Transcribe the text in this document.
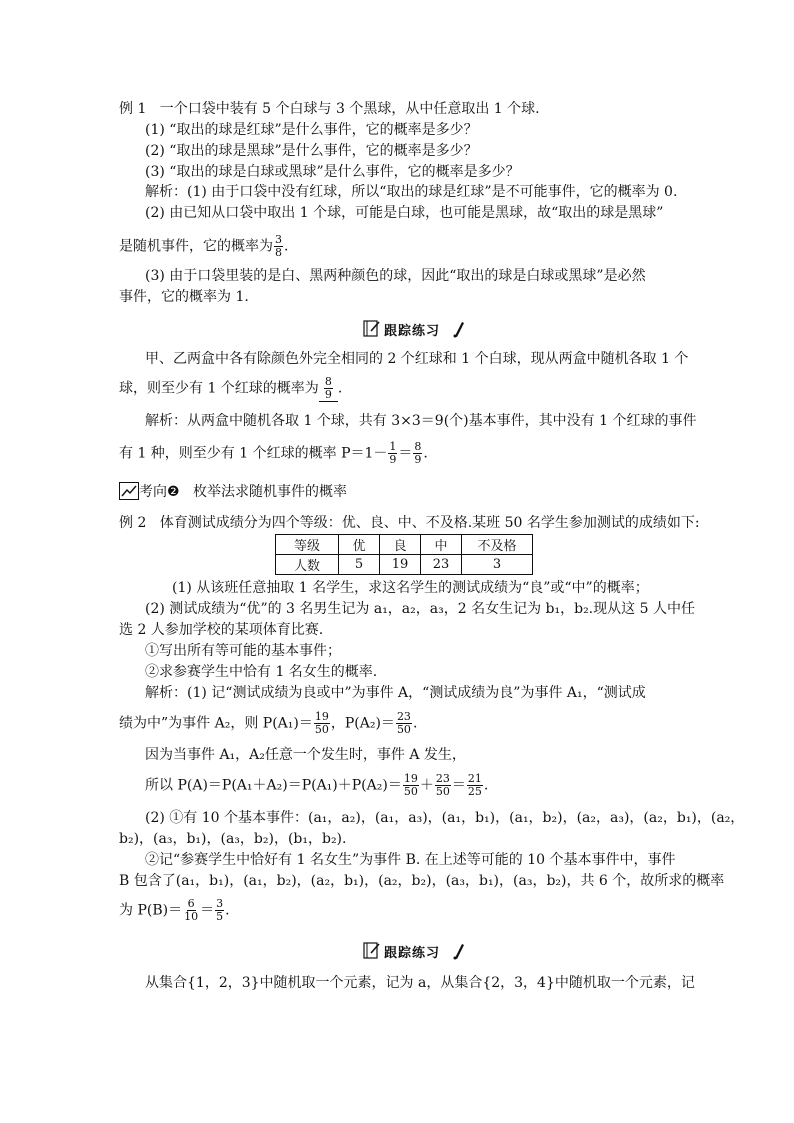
例 1 一个口袋中装有 5 个白球与 3 个黑球，从中任意取出 1 个球.
(1) “取出的球是红球”是什么事件，它的概率是多少？
(2) “取出的球是黑球”是什么事件，它的概率是多少？
(3) “取出的球是白球或黑球”是什么事件，它的概率是多少？
解析：(1) 由于口袋中没有红球，所以“取出的球是红球”是不可能事件，它的概率为 0.
(2) 由已知从口袋中取出 1 个球，可能是白球，也可能是黑球，故“取出的球是黑球”
是随机事件，它的概率为 $\frac{3}{8}$ .
(3) 由于口袋里装的是白、黑两种颜色的球，因此“取出的球是白球或黑球”是必然
事件，它的概率为 1.
跟踪练习
甲、乙两盒中各有除颜色外完全相同的 2 个红球和 1 个白球，现从两盒中随机各取 1 个
球，则至少有 1 个红球的概率为 $\frac{8}{9}$ .
解析：从两盒中随机各取 1 个球，共有 3×3＝9(个)基本事件，其中没有 1 个红球的事件
有 1 种，则至少有 1 个红球的概率 $P=1- \frac{1}{9} = \frac{8}{9}$ .
考向❷ 枚举法求随机事件的概率
例 2 体育测试成绩分为四个等级：优、良、中、不及格.某班 50 名学生参加测试的成绩如下:
等级	优	良	中	不及格
人数	5	19	23	3
(1) 从该班任意抽取 1 名学生，求这名学生的测试成绩为“良”或“中”的概率；
(2) 测试成绩为“优”的 3 名男生记为 a₁，a₂，a₃，2 名女生记为 b₁，b₂.现从这 5 人中任
选 2 人参加学校的某项体育比赛.
①写出所有等可能的基本事件；
②求参赛学生中恰有 1 名女生的概率.
解析：(1) 记“测试成绩为良或中”为事件 A，“测试成绩为良”为事件 A₁，“测试成
绩为中”为事件 A₂，则 $P(A_1)= \frac{19}{50}$ ，$P(A_2)= \frac{23}{50}$ .
因为当事件 A₁，A₂任意一个发生时，事件 A 发生，
所以 $P(A)=P(A_1+A_2)=P(A_1)+P(A_2)= \frac{19}{50} + \frac{23}{50} = \frac{21}{25}$ .
(2) ①有 10 个基本事件：(a₁，a₂)，(a₁，a₃)，(a₁，b₁)，(a₁，b₂)，(a₂，a₃)，(a₂，b₁)，(a₂，
b₂)，(a₃，b₁)，(a₃，b₂)，(b₁，b₂).
②记“参赛学生中恰好有 1 名女生”为事件 B. 在上述等可能的 10 个基本事件中，事件
B 包含了(a₁，b₁)，(a₁，b₂)，(a₂，b₁)，(a₂，b₂)，(a₃，b₁)，(a₃，b₂)，共 6 个，故所求的概率
为 $P(B)= \frac{6}{10} = \frac{3}{5}$ .
跟踪练习
从集合{1，2，3}中随机取一个元素，记为 a，从集合{2，3，4}中随机取一个元素，记
